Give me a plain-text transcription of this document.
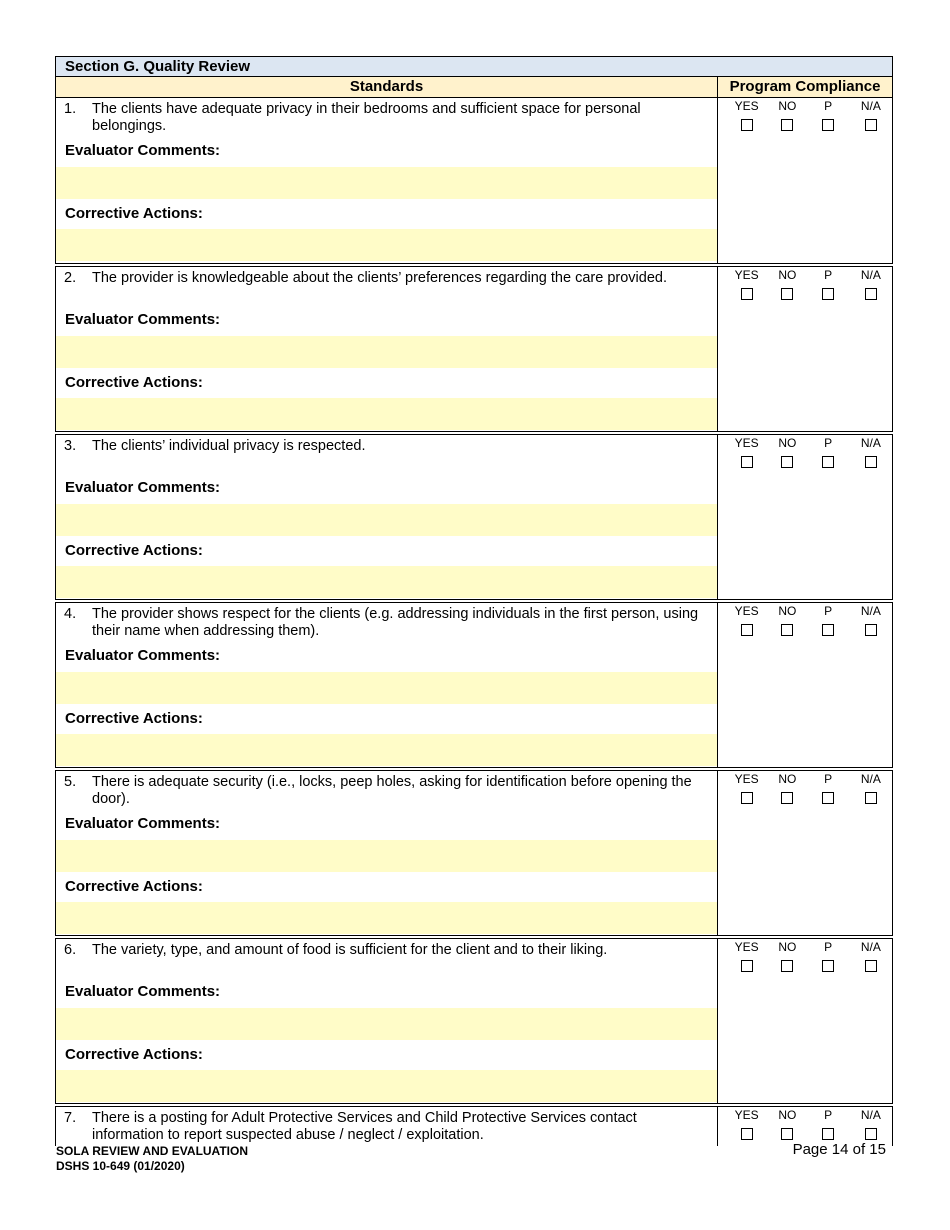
Section G. Quality Review
Standards	Program Compliance
1. The clients have adequate privacy in their bedrooms and sufficient space for personal belongings.
Evaluator Comments:
Corrective Actions:
YES	NO	P	N/A
2. The provider is knowledgeable about the clients’ preferences regarding the care provided.
Evaluator Comments:
Corrective Actions:
YES	NO	P	N/A
3. The clients’ individual privacy is respected.
Evaluator Comments:
Corrective Actions:
YES	NO	P	N/A
4. The provider shows respect for the clients (e.g. addressing individuals in the first person, using their name when addressing them).
Evaluator Comments:
Corrective Actions:
YES	NO	P	N/A
5. There is adequate security (i.e., locks, peep holes, asking for identification before opening the door).
Evaluator Comments:
Corrective Actions:
YES	NO	P	N/A
6. The variety, type, and amount of food is sufficient for the client and to their liking.
Evaluator Comments:
Corrective Actions:
YES	NO	P	N/A
7. There is a posting for Adult Protective Services and Child Protective Services contact information to report suspected abuse / neglect / exploitation.
YES	NO	P	N/A
SOLA REVIEW AND EVALUATION
DSHS 10-649 (01/2020)
Page 14 of 15
